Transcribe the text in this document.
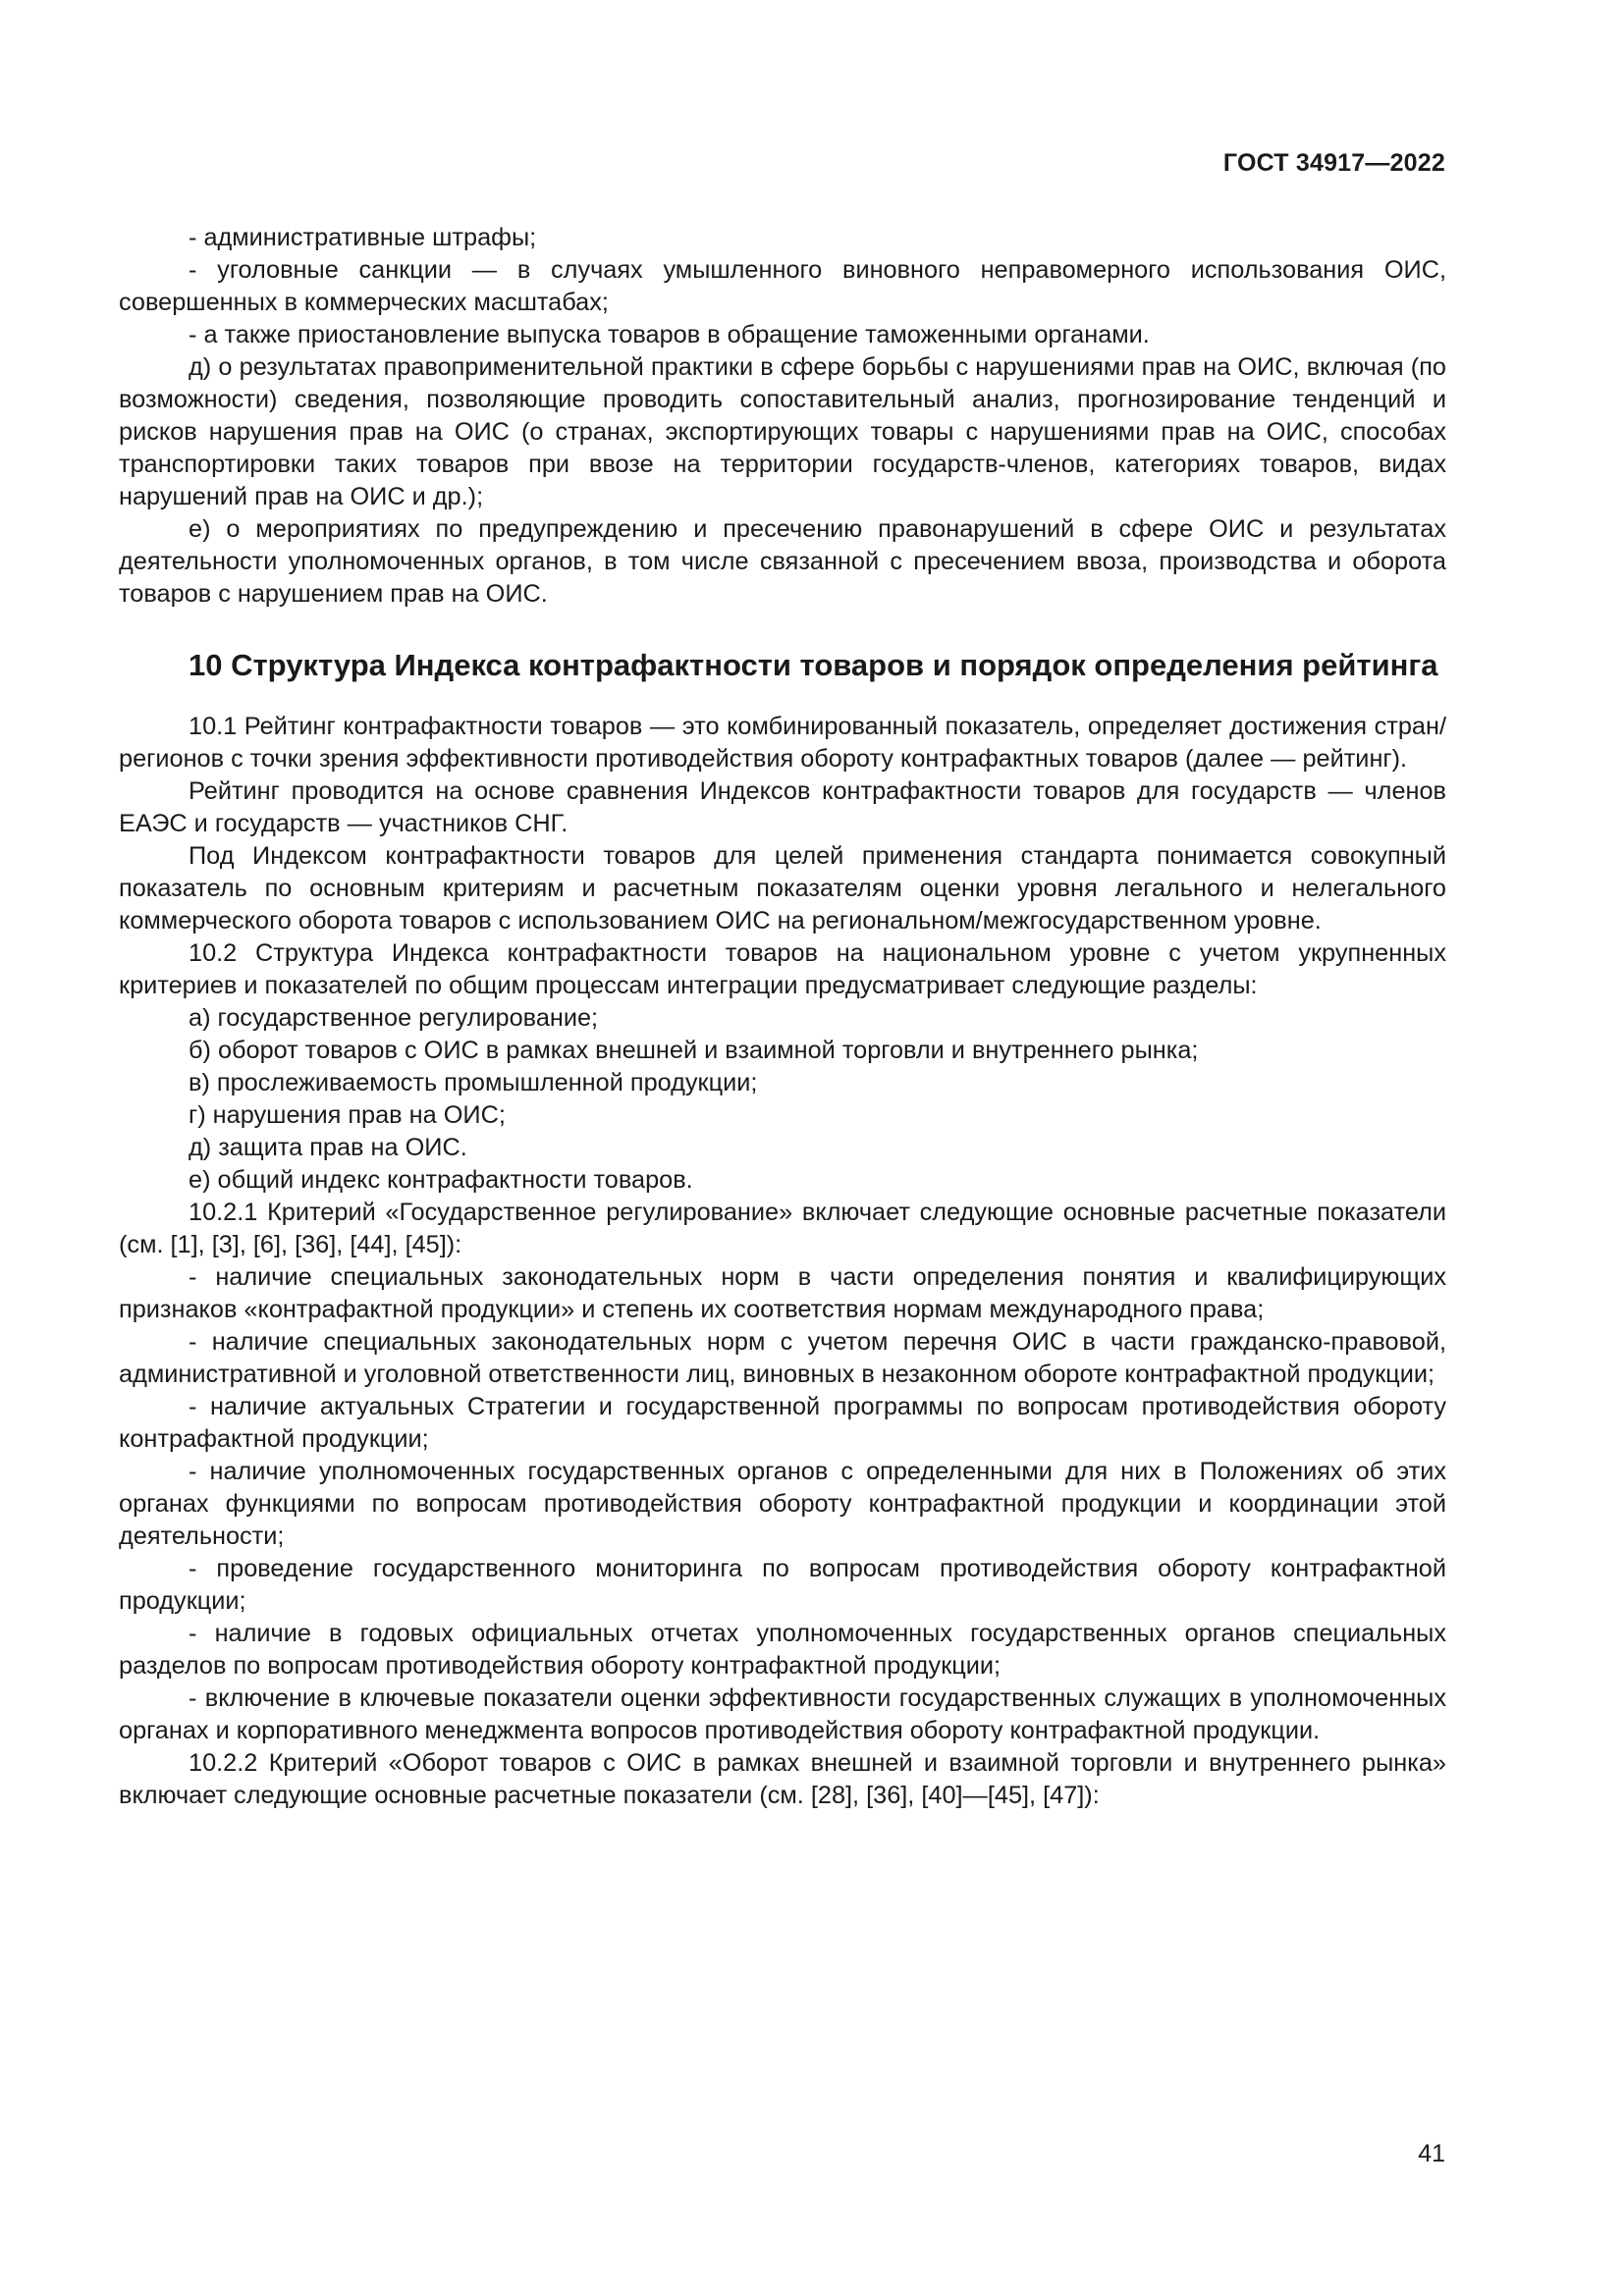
ГОСТ 34917—2022

- административные штрафы;

- уголовные санкции — в случаях умышленного виновного неправомерного использования ОИС, совершенных в коммерческих масштабах;

- а также приостановление выпуска товаров в обращение таможенными органами.

д) о результатах правоприменительной практики в сфере борьбы с нарушениями прав на ОИС, включая (по возможности) сведения, позволяющие проводить сопоставительный анализ, прогнозирование тенденций и рисков нарушения прав на ОИС (о странах, экспортирующих товары с нарушениями прав на ОИС, способах транспортировки таких товаров при ввозе на территории государств-членов, категориях товаров, видах нарушений прав на ОИС и др.);

е) о мероприятиях по предупреждению и пресечению правонарушений в сфере ОИС и результатах деятельности уполномоченных органов, в том числе связанной с пресечением ввоза, производства и оборота товаров с нарушением прав на ОИС.

10 Структура Индекса контрафактности товаров и порядок определения рейтинга

10.1 Рейтинг контрафактности товаров — это комбинированный показатель, определяет достижения стран/регионов с точки зрения эффективности противодействия обороту контрафактных товаров (далее — рейтинг).

Рейтинг проводится на основе сравнения Индексов контрафактности товаров для государств — членов ЕАЭС и государств — участников СНГ.

Под Индексом контрафактности товаров для целей применения стандарта понимается совокупный показатель по основным критериям и расчетным показателям оценки уровня легального и нелегального коммерческого оборота товаров с использованием ОИС на региональном/межгосударственном уровне.

10.2 Структура Индекса контрафактности товаров на национальном уровне с учетом укрупненных критериев и показателей по общим процессам интеграции предусматривает следующие разделы:

а) государственное регулирование;

б) оборот товаров с ОИС в рамках внешней и взаимной торговли и внутреннего рынка;

в) прослеживаемость промышленной продукции;

г) нарушения прав на ОИС;

д) защита прав на ОИС.

е) общий индекс контрафактности товаров.

10.2.1 Критерий «Государственное регулирование» включает следующие основные расчетные показатели (см. [1], [3], [6], [36], [44], [45]):

- наличие специальных законодательных норм в части определения понятия и квалифицирующих признаков «контрафактной продукции» и степень их соответствия нормам международного права;

- наличие специальных законодательных норм с учетом перечня ОИС в части гражданско-правовой, административной и уголовной ответственности лиц, виновных в незаконном обороте контрафактной продукции;

- наличие актуальных Стратегии и государственной программы по вопросам противодействия обороту контрафактной продукции;

- наличие уполномоченных государственных органов с определенными для них в Положениях об этих органах функциями по вопросам противодействия обороту контрафактной продукции и координации этой деятельности;

- проведение государственного мониторинга по вопросам противодействия обороту контрафактной продукции;

- наличие в годовых официальных отчетах уполномоченных государственных органов специальных разделов по вопросам противодействия обороту контрафактной продукции;

- включение в ключевые показатели оценки эффективности государственных служащих в уполномоченных органах и корпоративного менеджмента вопросов противодействия обороту контрафактной продукции.

10.2.2 Критерий «Оборот товаров с ОИС в рамках внешней и взаимной торговли и внутреннего рынка» включает следующие основные расчетные показатели (см. [28], [36], [40]—[45], [47]):

41
